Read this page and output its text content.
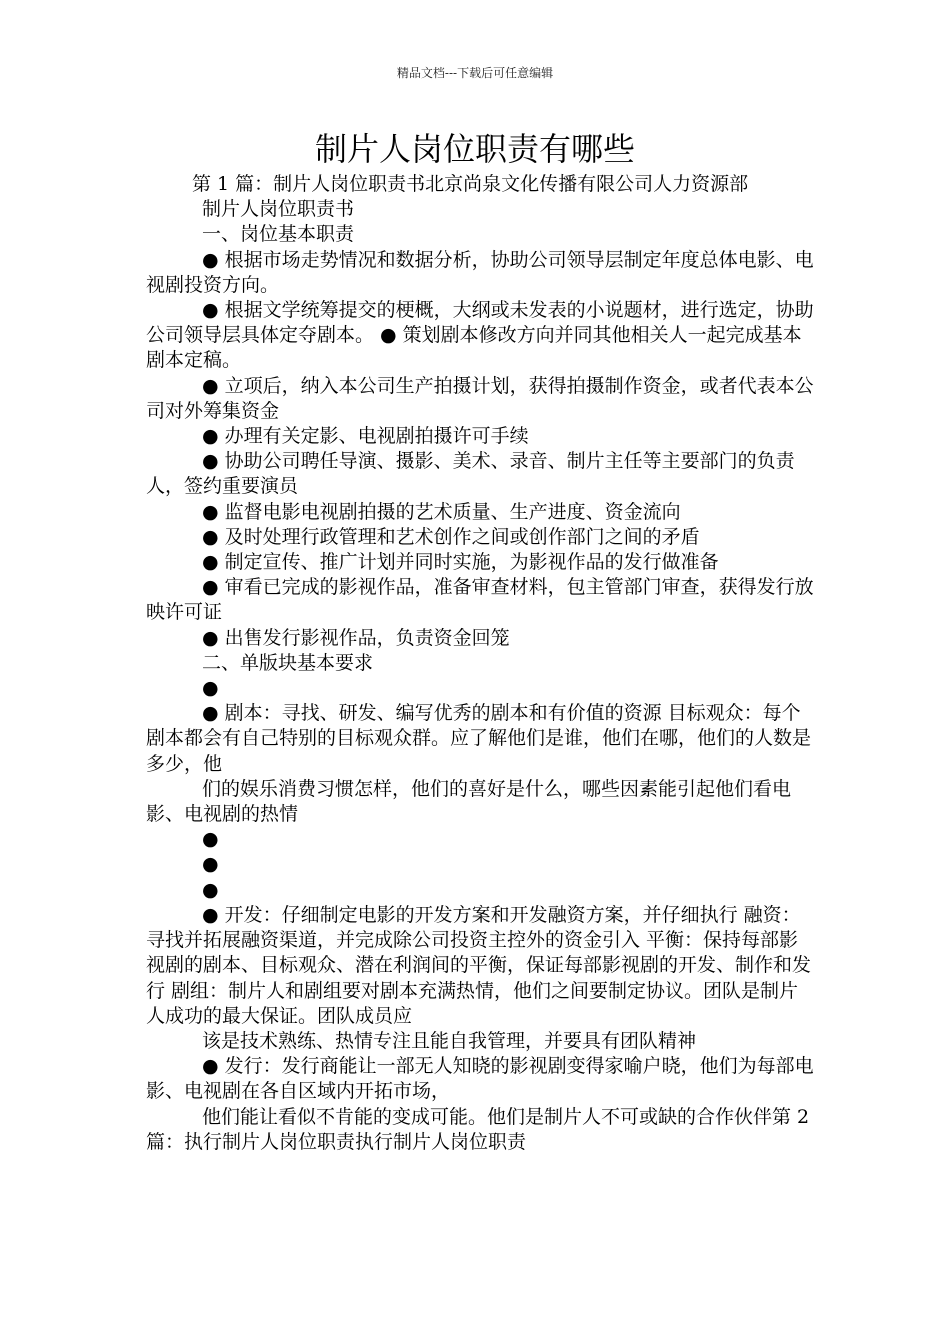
精品文档---下载后可任意编辑
制片人岗位职责有哪些

第 1 篇：制片人岗位职责书北京尚泉文化传播有限公司人力资源部

制片人岗位职责书

一、岗位基本职责

● 根据市场走势情况和数据分析，协助公司领导层制定年度总体电影、电视剧投资方向。

● 根据文学统筹提交的梗概，大纲或未发表的小说题材，进行选定，协助公司领导层具体定夺剧本。 ● 策划剧本修改方向并同其他相关人一起完成基本剧本定稿。

● 立项后，纳入本公司生产拍摄计划，获得拍摄制作资金，或者代表本公司对外筹集资金

● 办理有关定影、电视剧拍摄许可手续

● 协助公司聘任导演、摄影、美术、录音、制片主任等主要部门的负责人，签约重要演员

● 监督电影电视剧拍摄的艺术质量、生产进度、资金流向

● 及时处理行政管理和艺术创作之间或创作部门之间的矛盾

● 制定宣传、推广计划并同时实施，为影视作品的发行做准备

● 审看已完成的影视作品，准备审查材料，包主管部门审查，获得发行放映许可证

● 出售发行影视作品，负责资金回笼

二、单版块基本要求

●

● 剧本：寻找、研发、编写优秀的剧本和有价值的资源 目标观众：每个剧本都会有自己特别的目标观众群。应了解他们是谁，他们在哪，他们的人数是多少，他

们的娱乐消费习惯怎样，他们的喜好是什么，哪些因素能引起他们看电影、电视剧的热情

●

●

●

● 开发：仔细制定电影的开发方案和开发融资方案，并仔细执行 融资：寻找并拓展融资渠道，并完成除公司投资主控外的资金引入 平衡：保持每部影视剧的剧本、目标观众、潜在利润间的平衡，保证每部影视剧的开发、制作和发行 剧组：制片人和剧组要对剧本充满热情，他们之间要制定协议。团队是制片人成功的最大保证。团队成员应

该是技术熟练、热情专注且能自我管理，并要具有团队精神

● 发行：发行商能让一部无人知晓的影视剧变得家喻户晓，他们为每部电影、电视剧在各自区域内开拓市场，

他们能让看似不肯能的变成可能。他们是制片人不可或缺的合作伙伴第 2 篇：执行制片人岗位职责执行制片人岗位职责
